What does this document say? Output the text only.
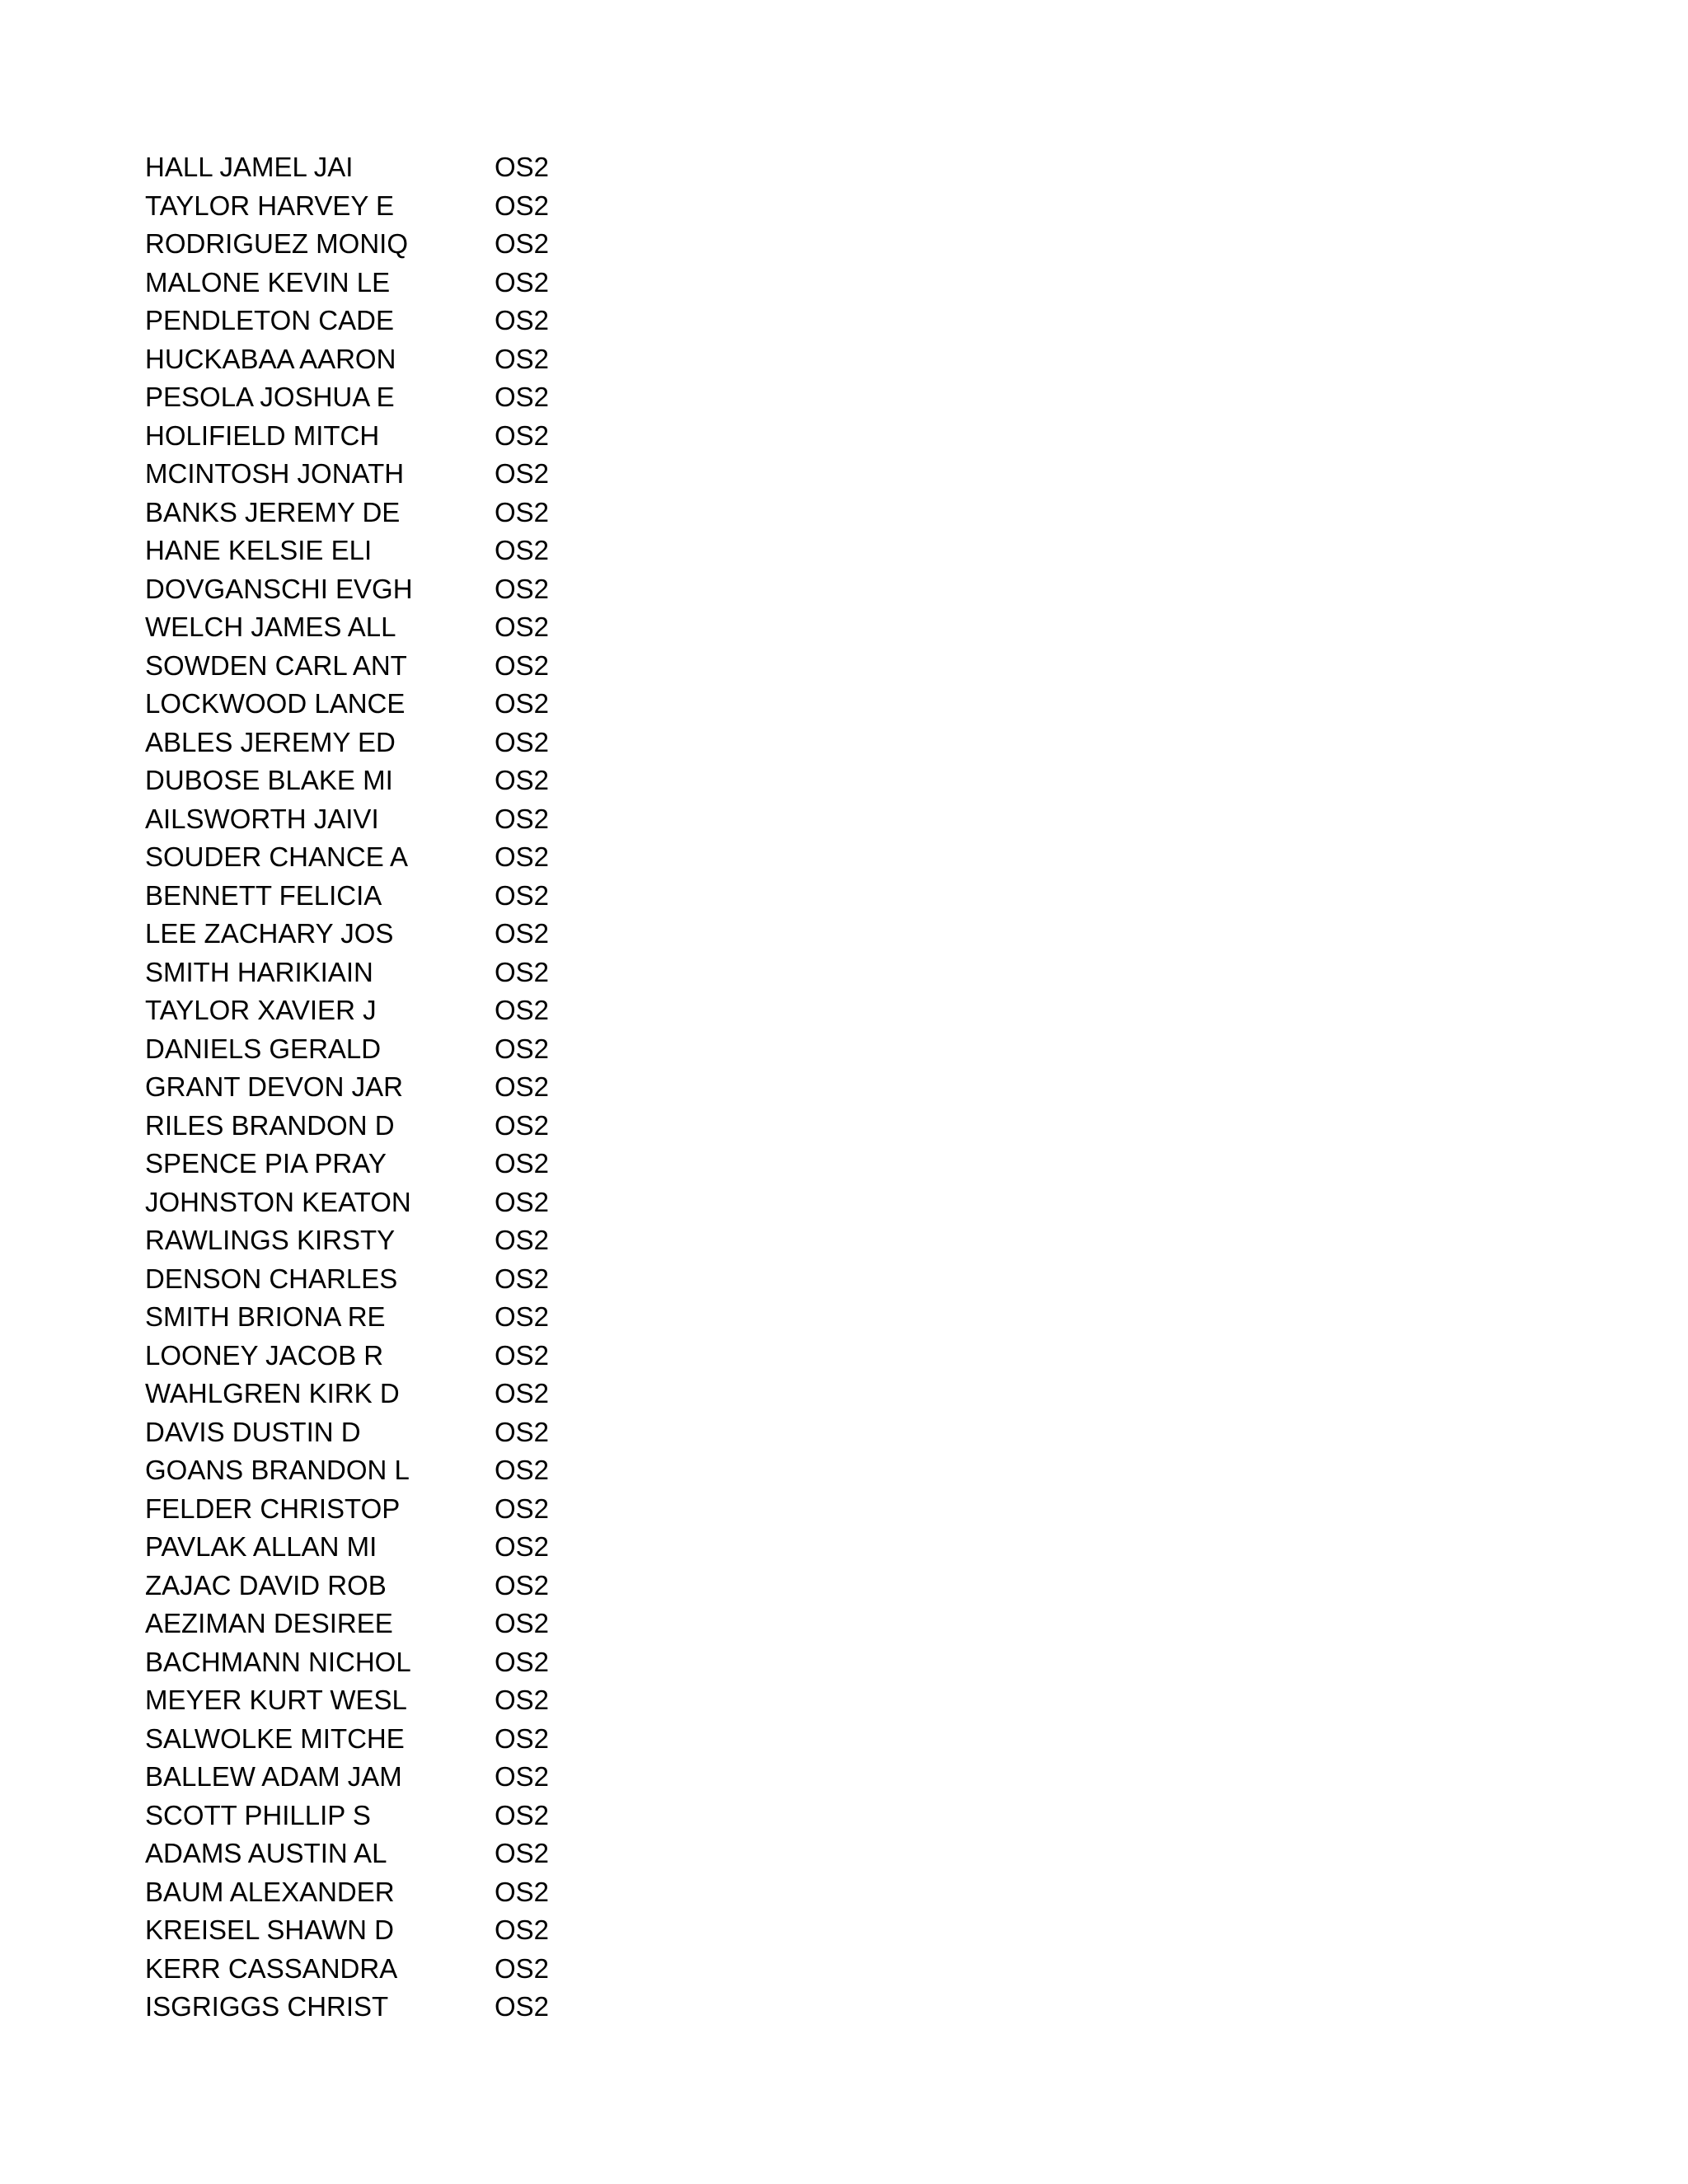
HALL JAMEL JAI	OS2
TAYLOR HARVEY E	OS2
RODRIGUEZ MONIQ	OS2
MALONE KEVIN LE	OS2
PENDLETON CADE	OS2
HUCKABAA AARON	OS2
PESOLA JOSHUA E	OS2
HOLIFIELD MITCH	OS2
MCINTOSH JONATH	OS2
BANKS JEREMY DE	OS2
HANE KELSIE ELI	OS2
DOVGANSCHI EVGH	OS2
WELCH JAMES ALL	OS2
SOWDEN CARL ANT	OS2
LOCKWOOD LANCE	OS2
ABLES JEREMY ED	OS2
DUBOSE BLAKE MI	OS2
AILSWORTH JAIVI	OS2
SOUDER CHANCE A	OS2
BENNETT FELICIA	OS2
LEE ZACHARY JOS	OS2
SMITH HARIKIAIN	OS2
TAYLOR XAVIER J	OS2
DANIELS GERALD	OS2
GRANT DEVON JAR	OS2
RILES BRANDON D	OS2
SPENCE PIA PRAY	OS2
JOHNSTON KEATON	OS2
RAWLINGS KIRSTY	OS2
DENSON CHARLES	OS2
SMITH BRIONA RE	OS2
LOONEY JACOB R	OS2
WAHLGREN KIRK D	OS2
DAVIS DUSTIN D	OS2
GOANS BRANDON L	OS2
FELDER CHRISTOP	OS2
PAVLAK ALLAN MI	OS2
ZAJAC DAVID ROB	OS2
AEZIMAN DESIREE	OS2
BACHMANN NICHOL	OS2
MEYER KURT WESL	OS2
SALWOLKE MITCHE	OS2
BALLEW ADAM JAM	OS2
SCOTT PHILLIP S	OS2
ADAMS AUSTIN AL	OS2
BAUM ALEXANDER	OS2
KREISEL SHAWN D	OS2
KERR CASSANDRA	OS2
ISGRIGGS CHRIST	OS2
